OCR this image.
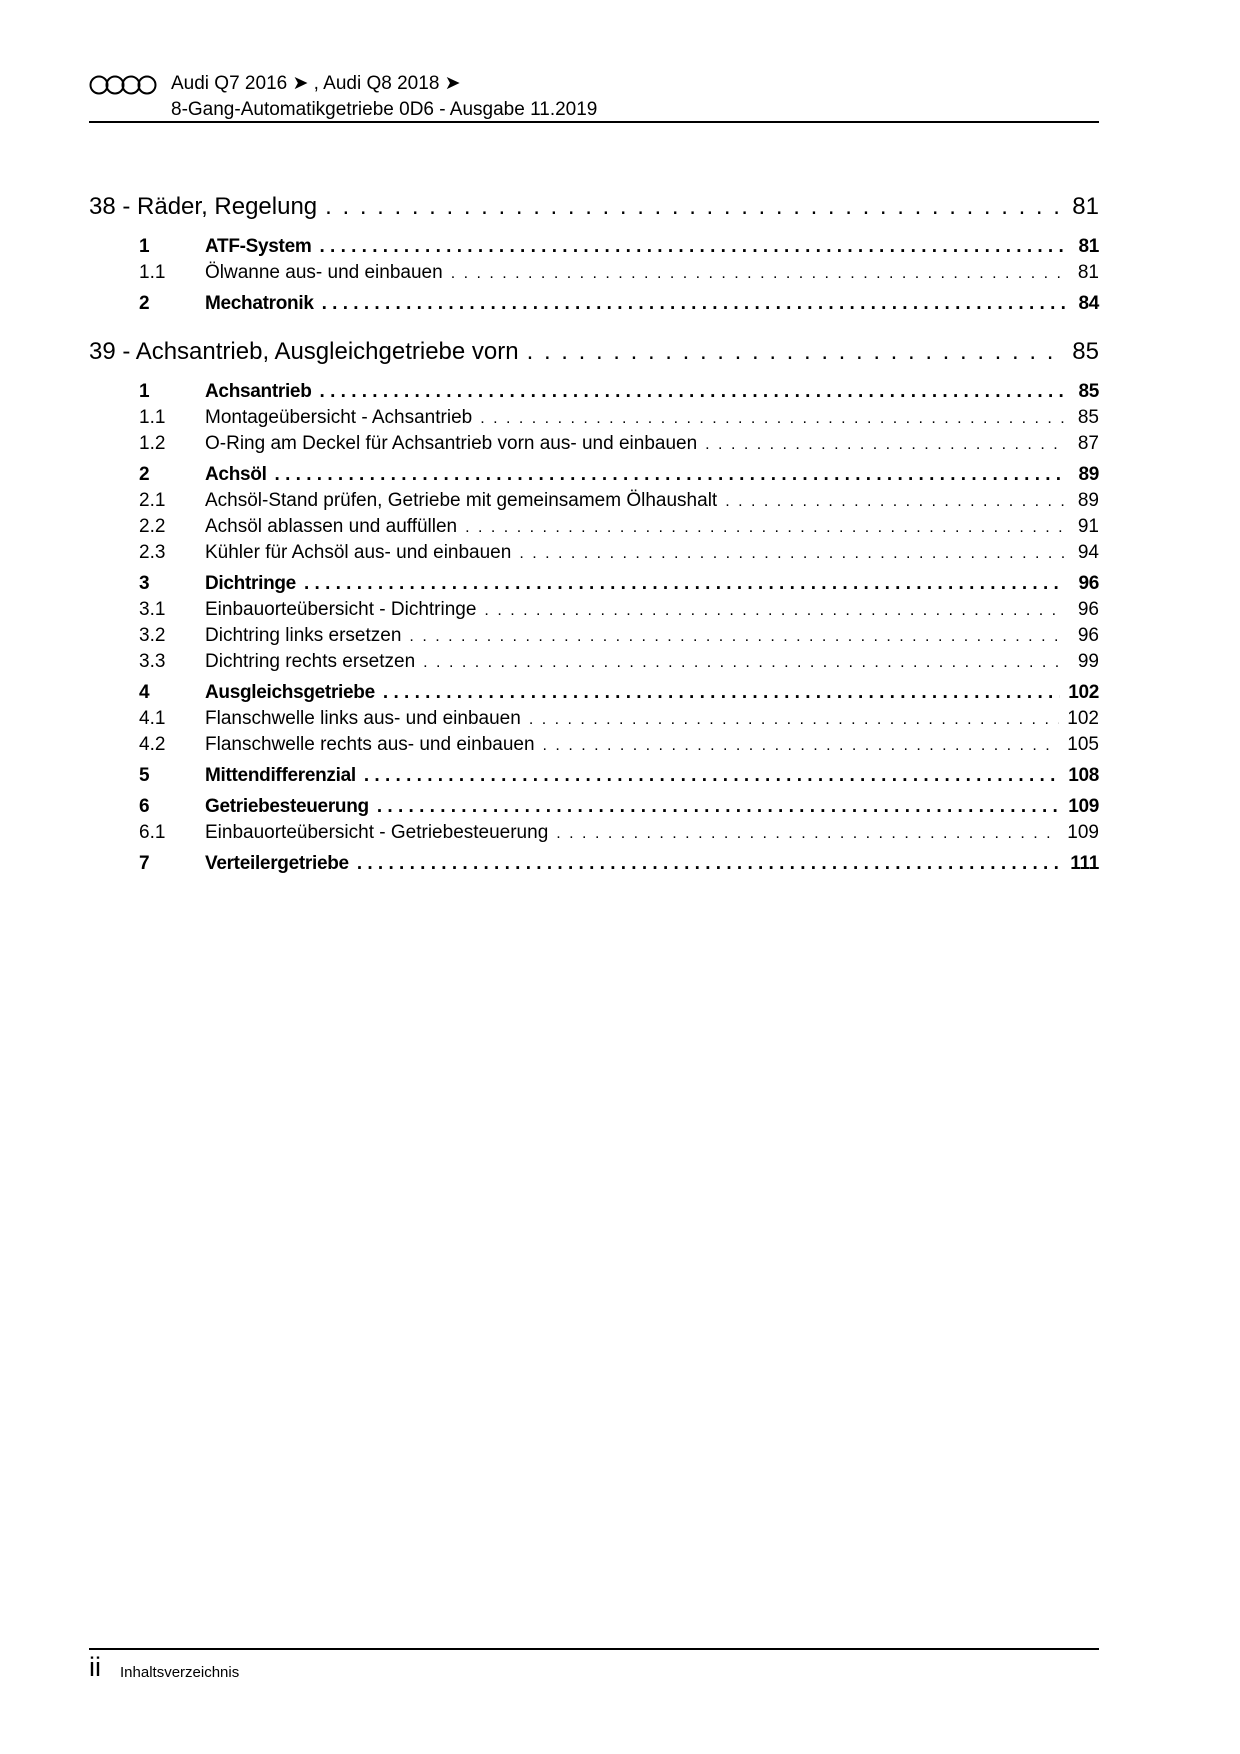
Audi Q7 2016 ➤ , Audi Q8 2018 ➤
8-Gang-Automatikgetriebe 0D6 - Ausgabe 11.2019
38 - Räder, Regelung . . .	81
1	ATF-System . . .	81
1.1	Ölwanne aus- und einbauen . . .	81
2	Mechatronik . . .	84
39 - Achsantrieb, Ausgleichgetriebe vorn . . .	85
1	Achsantrieb . . .	85
1.1	Montageübersicht - Achsantrieb . . .	85
1.2	O-Ring am Deckel für Achsantrieb vorn aus- und einbauen . . .	87
2	Achsöl . . .	89
2.1	Achsöl-Stand prüfen, Getriebe mit gemeinsamem Ölhaushalt . . .	89
2.2	Achsöl ablassen und auffüllen . . .	91
2.3	Kühler für Achsöl aus- und einbauen . . .	94
3	Dichtringe . . .	96
3.1	Einbauorteübersicht - Dichtringe . . .	96
3.2	Dichtring links ersetzen . . .	96
3.3	Dichtring rechts ersetzen . . .	99
4	Ausgleichsgetriebe . . .	102
4.1	Flanschwelle links aus- und einbauen . . .	102
4.2	Flanschwelle rechts aus- und einbauen . . .	105
5	Mittendifferenzial . . .	108
6	Getriebesteuerung . . .	109
6.1	Einbauorteübersicht - Getriebesteuerung . . .	109
7	Verteilergetriebe . . .	111
ii Inhaltsverzeichnis
